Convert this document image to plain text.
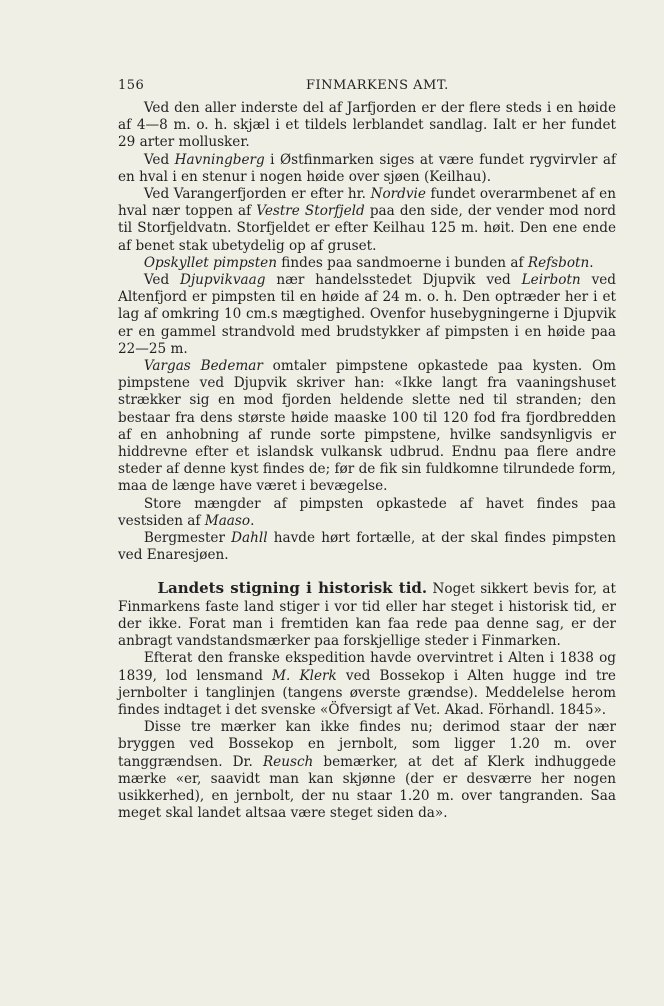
156	FINMARKENS AMT.

Ved den aller inderste del af Jarfjorden er der flere steds i en høide af 4—8 m. o. h. skjæl i et tildels lerblandet sandlag. Ialt er her fundet 29 arter mollusker.

Ved Havningberg i Østfinmarken siges at være fundet rygvirvler af en hval i en stenur i nogen høide over sjøen (Keilhau).

Ved Varangerfjorden er efter hr. Nordvie fundet overarmbenet af en hval nær toppen af Vestre Storfjeld paa den side, der vender mod nord til Storfjeldvatn. Storfjeldet er efter Keilhau 125 m. høit. Den ene ende af benet stak ubetydelig op af gruset.

Opskyllet pimpsten findes paa sandmoerne i bunden af Refsbotn.

Ved Djupvikvaag nær handelsstedet Djupvik ved Leirbotn ved Altenfjord er pimpsten til en høide af 24 m. o. h. Den optræder her i et lag af omkring 10 cm.s mægtighed. Ovenfor husebygningerne i Djupvik er en gammel strandvold med brudstykker af pimpsten i en høide paa 22—25 m.

Vargas Bedemar omtaler pimpstene opkastede paa kysten. Om pimpstene ved Djupvik skriver han: «Ikke langt fra vaaningshuset strækker sig en mod fjorden heldende slette ned til stranden; den bestaar fra dens største høide maaske 100 til 120 fod fra fjordbredden af en anhobning af runde sorte pimpstene, hvilke sandsynligvis er hiddrevne efter et islandsk vulkansk udbrud. Endnu paa flere andre steder af denne kyst findes de; før de fik sin fuldkomne tilrundede form, maa de længe have været i bevægelse.

Store mængder af pimpsten opkastede af havet findes paa vestsiden af Maaso.

Bergmester Dahll havde hørt fortælle, at der skal findes pimpsten ved Enaresjøen.

Landets stigning i historisk tid. Noget sikkert bevis for, at Finmarkens faste land stiger i vor tid eller har steget i historisk tid, er der ikke. Forat man i fremtiden kan faa rede paa denne sag, er der anbragt vandstandsmærker paa forskjellige steder i Finmarken.

Efterat den franske ekspedition havde overvintret i Alten i 1838 og 1839, lod lensmand M. Klerk ved Bossekop i Alten hugge ind tre jernbolter i tanglinjen (tangens øverste grændse). Meddelelse herom findes indtaget i det svenske «Öfversigt af Vet. Akad. Förhandl. 1845».

Disse tre mærker kan ikke findes nu; derimod staar der nær bryggen ved Bossekop en jernbolt, som ligger 1.20 m. over tanggrændsen. Dr. Reusch bemærker, at det af Klerk indhuggede mærke «er, saavidt man kan skjønne (der er desværre her nogen usikkerhed), en jernbolt, der nu staar 1.20 m. over tangranden. Saa meget skal landet altsaa være steget siden da».
